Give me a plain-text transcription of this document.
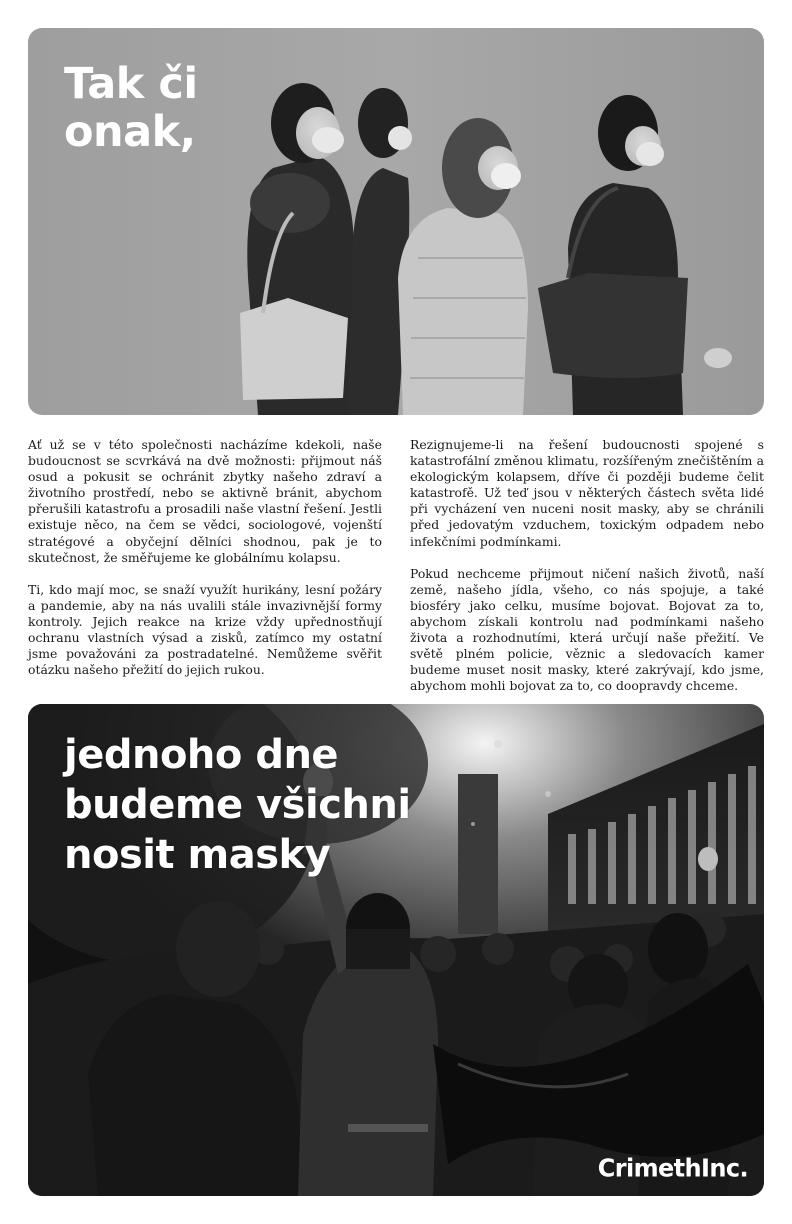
Tak či onak,

Ať už se v této společnosti nacházíme kdekoli, naše budoucnost se scvrkává na dvě možnosti: přijmout náš osud a pokusit se ochránit zbytky našeho zdraví a životního prostředí, nebo se aktivně bránit, abychom přerušili katastrofu a prosadili naše vlastní řešení. Jestli existuje něco, na čem se vědci, sociologové, vojenští stratégové a obyčejní dělníci shodnou, pak je to skutečnost, že směřujeme ke globálnímu kolapsu.

Ti, kdo mají moc, se snaží využít hurikány, lesní požáry a pandemie, aby na nás uvalili stále invazivnější formy kontroly. Jejich reakce na krize vždy upřednostňují ochranu vlastních výsad a zisků, zatímco my ostatní jsme považováni za postradatelné. Nemůžeme svěřit otázku našeho přežití do jejich rukou.

Rezignujeme-li na řešení budoucnosti spojené s katastrofální změnou klimatu, rozšířeným znečištěním a ekologickým kolapsem, dříve či později budeme čelit katastrofě. Už teď jsou v některých částech světa lidé při vycházení ven nuceni nosit masky, aby se chránili před jedovatým vzduchem, toxickým odpadem nebo infekčními podmínkami.

Pokud nechceme přijmout ničení našich životů, naší země, našeho jídla, všeho, co nás spojuje, a také biosféry jako celku, musíme bojovat. Bojovat za to, abychom získali kontrolu nad podmínkami našeho života a rozhodnutími, která určují naše přežití. Ve světě plném policie, věznic a sledovacích kamer budeme muset nosit masky, které zakrývají, kdo jsme, abychom mohli bojovat za to, co doopravdy chceme.

jednoho dne budeme všichni nosit masky
CrimethInc.
